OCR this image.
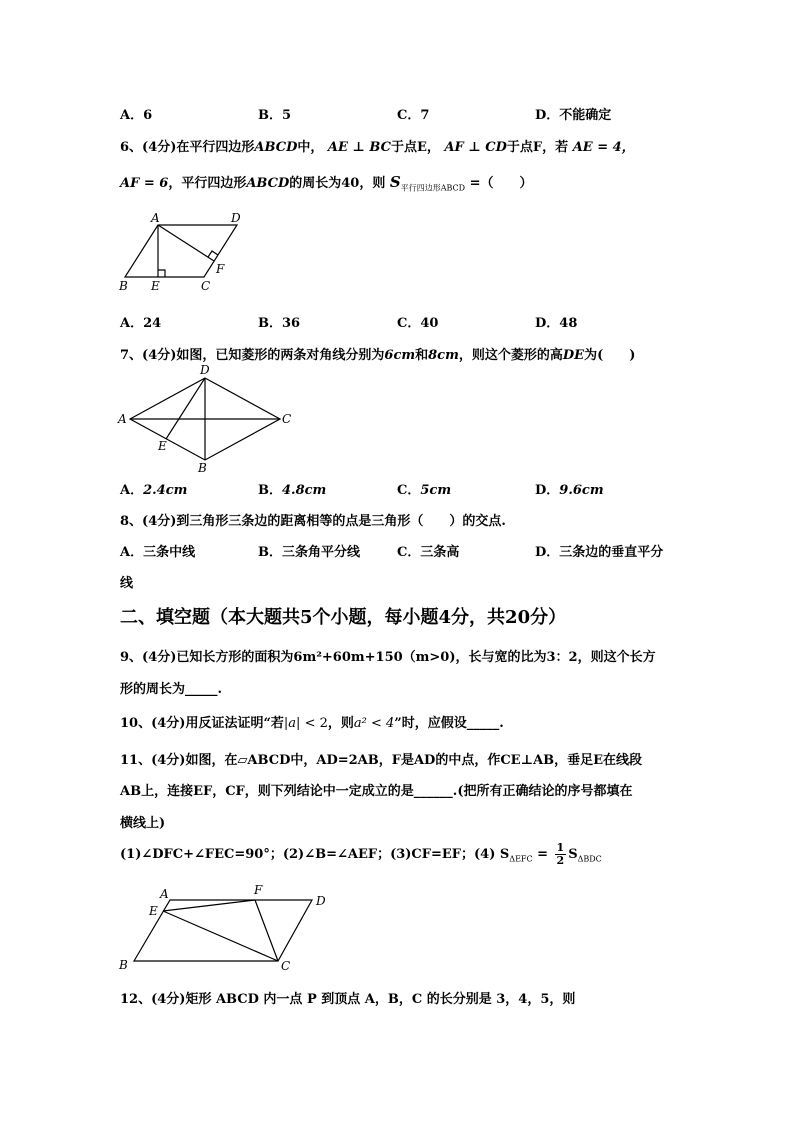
A．6	B．5	C．7	D．不能确定
6、(4分)在平行四边形ABCD中， AE ⊥ BC于点E， AF ⊥ CD于点F，若 AE = 4，
AF = 6，平行四边形ABCD的周长为40，则 $S_{平行四边形ABCD}$ =（　　）
A	D
B E	C
F
A．24	B．36	C．40	D．48
7、(4分)如图，已知菱形的两条对角线分别为6cm和8cm，则这个菱形的高DE为(　　)
D
A	C
E
B
A．2.4cm	B．4.8cm	C．5cm	D．9.6cm
8、(4分)到三角形三条边的距离相等的点是三角形（　　）的交点.
A．三条中线	B．三条角平分线	C．三条高	D．三条边的垂直平分
线
二、填空题（本大题共5个小题，每小题4分，共20分）
9、(4分)已知长方形的面积为6m²+60m+150（m>0)，长与宽的比为3：2，则这个长方
形的周长为_____.
10、(4分)用反证法证明“若|a| < 2，则a² < 4”时，应假设_____.
11、(4分)如图，在▱ABCD中，AD=2AB，F是AD的中点，作CE⊥AB，垂足E在线段
AB上，连接EF，CF，则下列结论中一定成立的是______.(把所有正确结论的序号都填在
横线上)
(1)∠DFC+∠FEC=90°；(2)∠B=∠AEF；(3)CF=EF；(4) $S_{\Delta EFC} = \frac{1}{2} S_{\Delta BDC}$
A
E
F
D
B	C
12、(4分)矩形 ABCD 内一点 P 到顶点 A，B，C 的长分别是 3，4，5，则
